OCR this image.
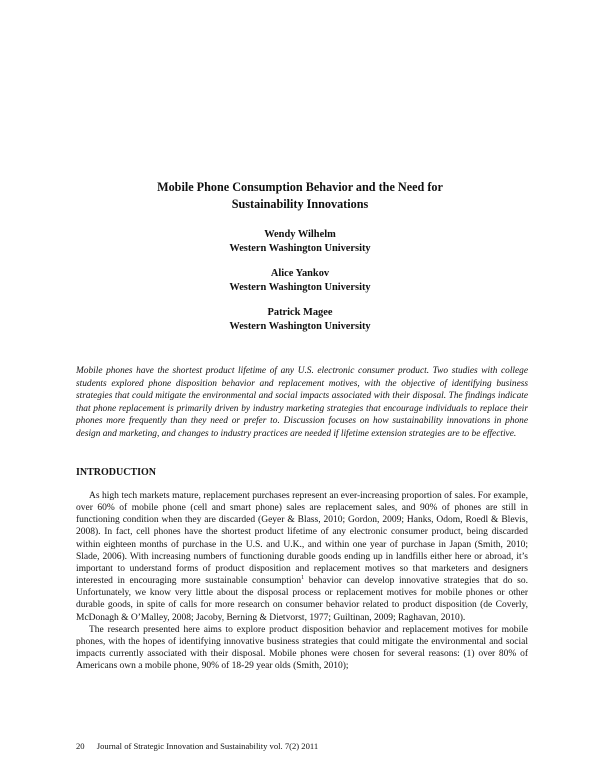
Mobile Phone Consumption Behavior and the Need for
Sustainability Innovations
Wendy Wilhelm
Western Washington University
Alice Yankov
Western Washington University
Patrick Magee
Western Washington University

Mobile phones have the shortest product lifetime of any U.S. electronic consumer product. Two studies with college students explored phone disposition behavior and replacement motives, with the objective of identifying business strategies that could mitigate the environmental and social impacts associated with their disposal. The findings indicate that phone replacement is primarily driven by industry marketing strategies that encourage individuals to replace their phones more frequently than they need or prefer to. Discussion focuses on how sustainability innovations in phone design and marketing, and changes to industry practices are needed if lifetime extension strategies are to be effective.

INTRODUCTION

As high tech markets mature, replacement purchases represent an ever-increasing proportion of sales. For example, over 60% of mobile phone (cell and smart phone) sales are replacement sales, and 90% of phones are still in functioning condition when they are discarded (Geyer & Blass, 2010; Gordon, 2009; Hanks, Odom, Roedl & Blevis, 2008). In fact, cell phones have the shortest product lifetime of any electronic consumer product, being discarded within eighteen months of purchase in the U.S. and U.K., and within one year of purchase in Japan (Smith, 2010; Slade, 2006). With increasing numbers of functioning durable goods ending up in landfills either here or abroad, it’s important to understand forms of product disposition and replacement motives so that marketers and designers interested in encouraging more sustainable consumption$^1$ behavior can develop innovative strategies that do so. Unfortunately, we know very little about the disposal process or replacement motives for mobile phones or other durable goods, in spite of calls for more research on consumer behavior related to product disposition (de Coverly, McDonagh & O’Malley, 2008; Jacoby, Berning & Dietvorst, 1977; Guiltinan, 2009; Raghavan, 2010).

The research presented here aims to explore product disposition behavior and replacement motives for mobile phones, with the hopes of identifying innovative business strategies that could mitigate the environmental and social impacts currently associated with their disposal. Mobile phones were chosen for several reasons: (1) over 80% of Americans own a mobile phone, 90% of 18-29 year olds (Smith, 2010);

20 Journal of Strategic Innovation and Sustainability vol. 7(2) 2011
